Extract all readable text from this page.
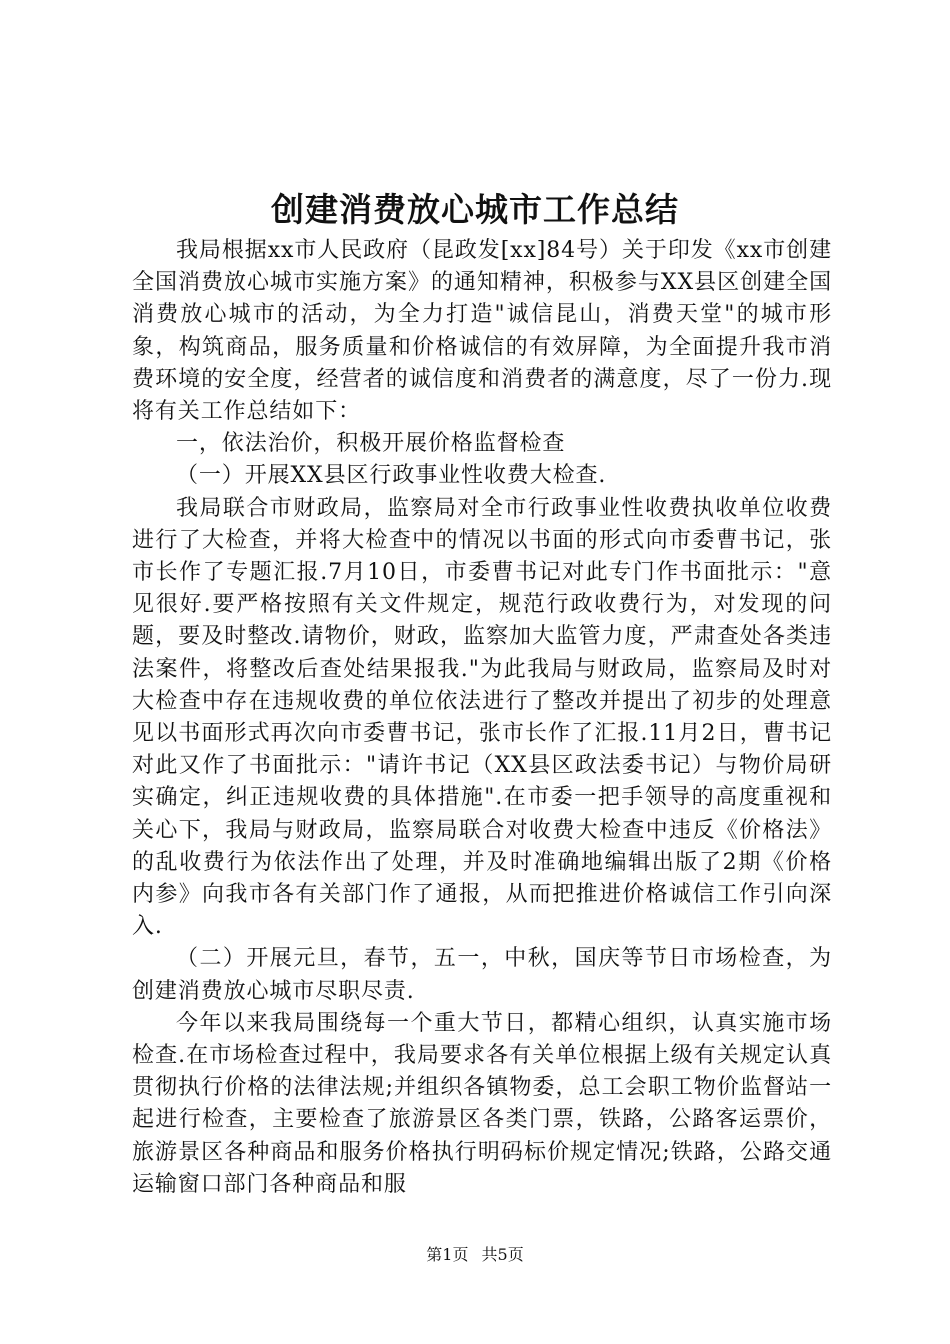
创建消费放心城市工作总结

我局根据xx市人民政府（昆政发[xx]84号）关于印发《xx市创建全国消费放心城市实施方案》的通知精神，积极参与XX县区创建全国消费放心城市的活动，为全力打造"诚信昆山，消费天堂"的城市形象，构筑商品，服务质量和价格诚信的有效屏障，为全面提升我市消费环境的安全度，经营者的诚信度和消费者的满意度，尽了一份力.现将有关工作总结如下：

一，依法治价，积极开展价格监督检查

（一）开展XX县区行政事业性收费大检查.

我局联合市财政局，监察局对全市行政事业性收费执收单位收费进行了大检查，并将大检查中的情况以书面的形式向市委曹书记，张市长作了专题汇报.7月10日，市委曹书记对此专门作书面批示："意见很好.要严格按照有关文件规定，规范行政收费行为，对发现的问题，要及时整改.请物价，财政，监察加大监管力度，严肃查处各类违法案件，将整改后查处结果报我."为此我局与财政局，监察局及时对大检查中存在违规收费的单位依法进行了整改并提出了初步的处理意见以书面形式再次向市委曹书记，张市长作了汇报.11月2日，曹书记对此又作了书面批示："请许书记（XX县区政法委书记）与物价局研实确定，纠正违规收费的具体措施".在市委一把手领导的高度重视和关心下，我局与财政局，监察局联合对收费大检查中违反《价格法》的乱收费行为依法作出了处理，并及时准确地编辑出版了2期《价格内参》向我市各有关部门作了通报，从而把推进价格诚信工作引向深入.

（二）开展元旦，春节，五一，中秋，国庆等节日市场检查，为创建消费放心城市尽职尽责.

今年以来我局围绕每一个重大节日，都精心组织，认真实施市场检查.在市场检查过程中，我局要求各有关单位根据上级有关规定认真贯彻执行价格的法律法规;并组织各镇物委，总工会职工物价监督站一起进行检查，主要检查了旅游景区各类门票，铁路，公路客运票价，旅游景区各种商品和服务价格执行明码标价规定情况;铁路，公路交通运输窗口部门各种商品和服

第1页 共5页
